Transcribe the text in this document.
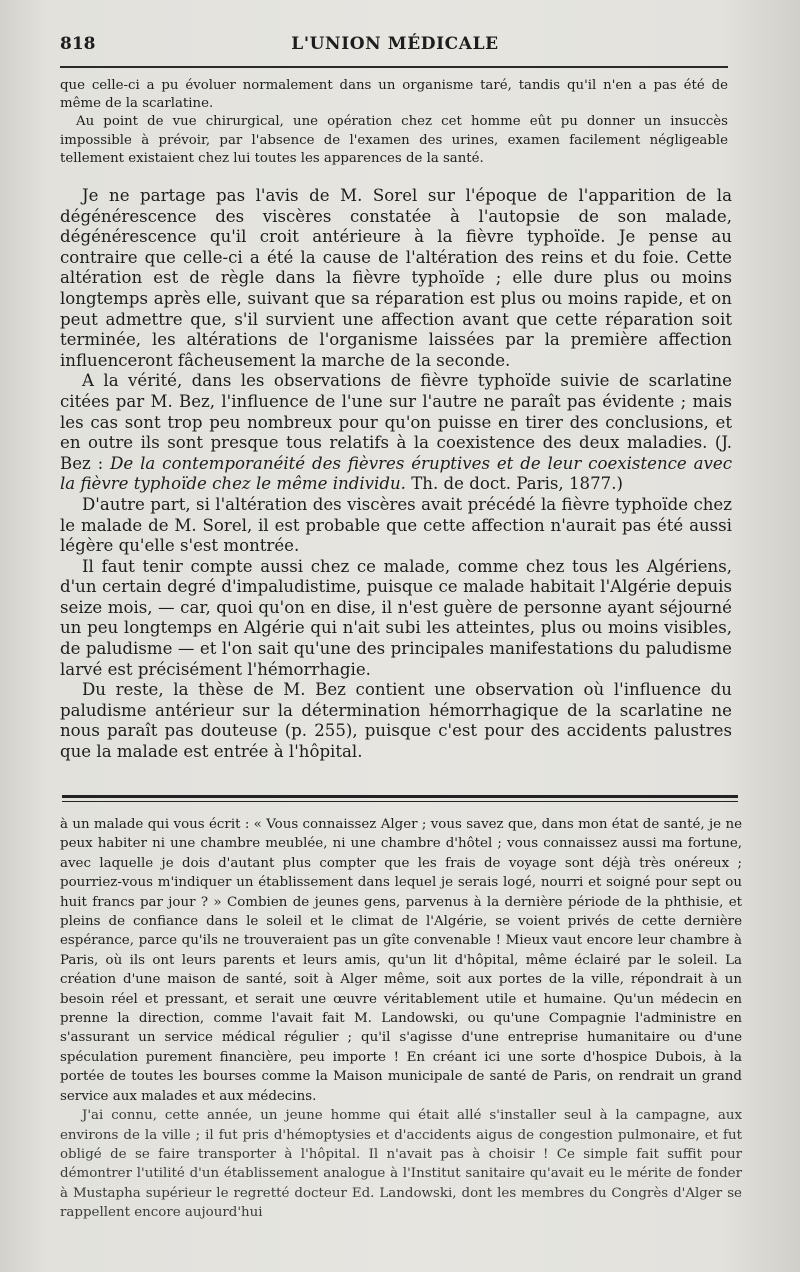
818	L'UNION MÉDICALE

que celle-ci a pu évoluer normalement dans un organisme taré, tandis qu'il n'en a pas été de même de la scarlatine.

Au point de vue chirurgical, une opération chez cet homme eût pu donner un insuccès impossible à prévoir, par l'absence de l'examen des urines, examen facilement négligeable tellement existaient chez lui toutes les apparences de la santé.

Je ne partage pas l'avis de M. Sorel sur l'époque de l'apparition de la dégénérescence des viscères constatée à l'autopsie de son malade, dégénérescence qu'il croit antérieure à la fièvre typhoïde. Je pense au contraire que celle-ci a été la cause de l'altération des reins et du foie. Cette altération est de règle dans la fièvre typhoïde ; elle dure plus ou moins longtemps après elle, suivant que sa réparation est plus ou moins rapide, et on peut admettre que, s'il survient une affection avant que cette réparation soit terminée, les altérations de l'organisme laissées par la première affection influenceront fâcheusement la marche de la seconde.

A la vérité, dans les observations de fièvre typhoïde suivie de scarlatine citées par M. Bez, l'influence de l'une sur l'autre ne paraît pas évidente ; mais les cas sont trop peu nombreux pour qu'on puisse en tirer des conclusions, et en outre ils sont presque tous relatifs à la coexistence des deux maladies. (J. Bez : De la contemporanéité des fièvres éruptives et de leur coexistence avec la fièvre typhoïde chez le même individu. Th. de doct. Paris, 1877.)

D'autre part, si l'altération des viscères avait précédé la fièvre typhoïde chez le malade de M. Sorel, il est probable que cette affection n'aurait pas été aussi légère qu'elle s'est montrée.

Il faut tenir compte aussi chez ce malade, comme chez tous les Algériens, d'un certain degré d'impaludistime, puisque ce malade habitait l'Algérie depuis seize mois, — car, quoi qu'on en dise, il n'est guère de personne ayant séjourné un peu longtemps en Algérie qui n'ait subi les atteintes, plus ou moins visibles, de paludisme — et l'on sait qu'une des principales manifestations du paludisme larvé est précisément l'hémorrhagie.

Du reste, la thèse de M. Bez contient une observation où l'influence du paludisme antérieur sur la détermination hémorrhagique de la scarlatine ne nous paraît pas douteuse (p. 255), puisque c'est pour des accidents palustres que la malade est entrée à l'hôpital.

à un malade qui vous écrit : « Vous connaissez Alger ; vous savez que, dans mon état de santé, je ne peux habiter ni une chambre meublée, ni une chambre d'hôtel ; vous connaissez aussi ma fortune, avec laquelle je dois d'autant plus compter que les frais de voyage sont déjà très onéreux ; pourriez-vous m'indiquer un établissement dans lequel je serais logé, nourri et soigné pour sept ou huit francs par jour ? » Combien de jeunes gens, parvenus à la dernière période de la phthisie, et pleins de confiance dans le soleil et le climat de l'Algérie, se voient privés de cette dernière espérance, parce qu'ils ne trouveraient pas un gîte convenable ! Mieux vaut encore leur chambre à Paris, où ils ont leurs parents et leurs amis, qu'un lit d'hôpital, même éclairé par le soleil. La création d'une maison de santé, soit à Alger même, soit aux portes de la ville, répondrait à un besoin réel et pressant, et serait une œuvre véritablement utile et humaine. Qu'un médecin en prenne la direction, comme l'avait fait M. Landowski, ou qu'une Compagnie l'administre en s'assurant un service médical régulier ; qu'il s'agisse d'une entreprise humanitaire ou d'une spéculation purement financière, peu importe ! En créant ici une sorte d'hospice Dubois, à la portée de toutes les bourses comme la Maison municipale de santé de Paris, on rendrait un grand service aux malades et aux médecins.

J'ai connu, cette année, un jeune homme qui était allé s'installer seul à la campagne, aux environs de la ville ; il fut pris d'hémoptysies et d'accidents aigus de congestion pulmonaire, et fut obligé de se faire transporter à l'hôpital. Il n'avait pas à choisir ! Ce simple fait suffit pour démontrer l'utilité d'un établissement analogue à l'Institut sanitaire qu'avait eu le mérite de fonder à Mustapha supérieur le regretté docteur Ed. Landowski, dont les membres du Congrès d'Alger se rappellent encore aujourd'hui
